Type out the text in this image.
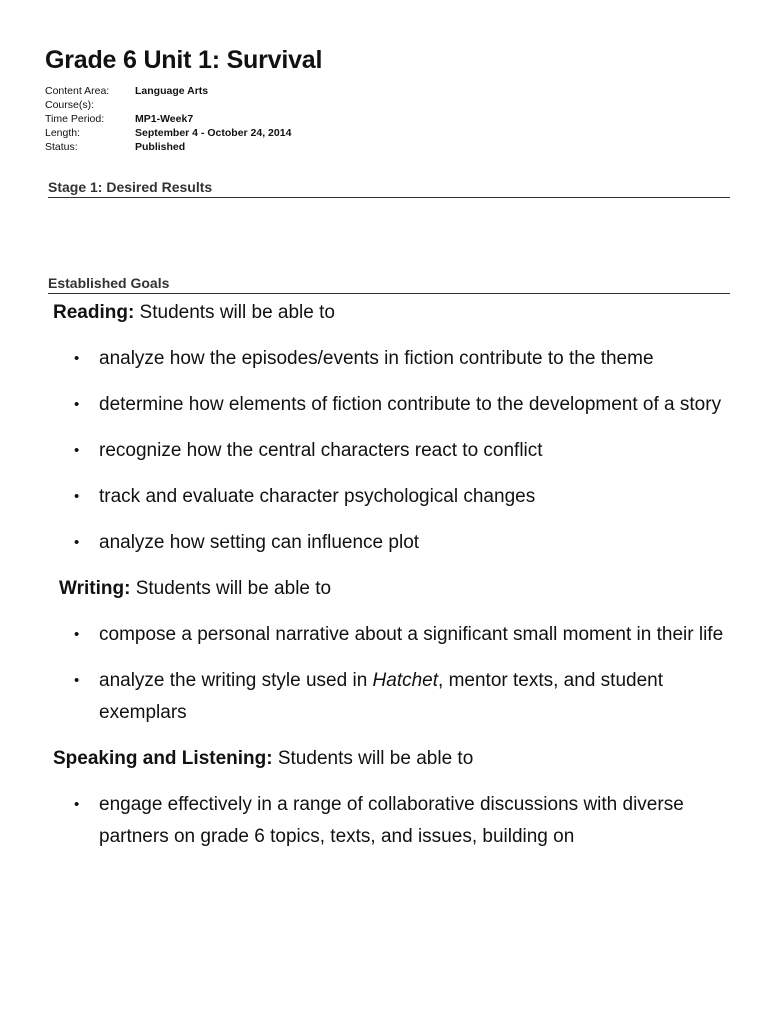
Grade 6 Unit 1: Survival
Content Area:	Language Arts
Course(s):
Time Period:	MP1-Week7
Length:	September 4 - October 24, 2014
Status:	Published
Stage 1: Desired Results
Established Goals

Reading: Students will be able to

• analyze how the episodes/events in fiction contribute to the theme
• determine how elements of fiction contribute to the development of a story
• recognize how the central characters react to conflict
• track and evaluate character psychological changes
• analyze how setting can influence plot

Writing: Students will be able to

• compose a personal narrative about a significant small moment in their life
• analyze the writing style used in Hatchet, mentor texts, and student exemplars

Speaking and Listening: Students will be able to

• engage effectively in a range of collaborative discussions with diverse partners on grade 6 topics, texts, and issues, building on
